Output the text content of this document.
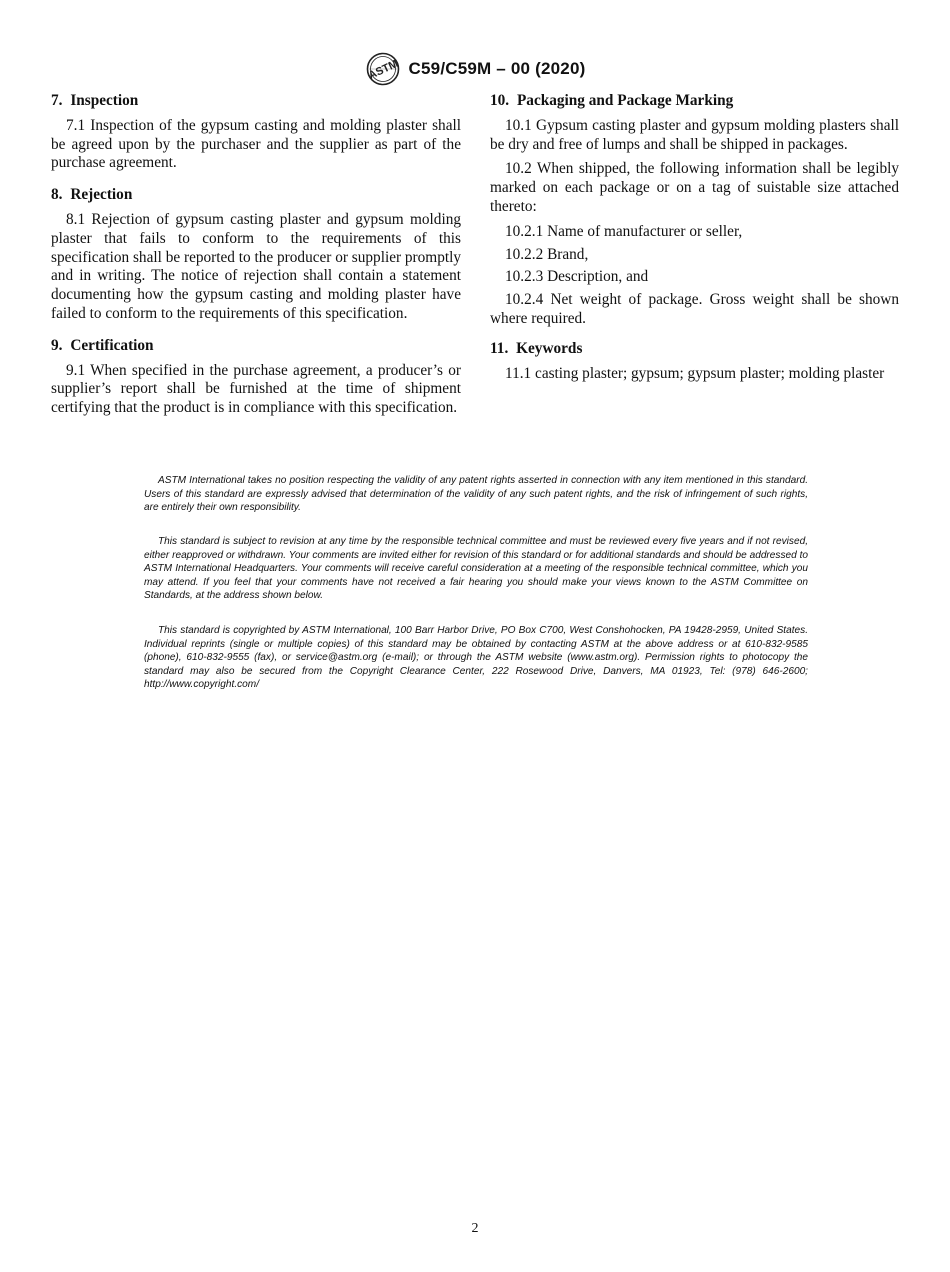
ASTM C59/C59M – 00 (2020)
7. Inspection

7.1 Inspection of the gypsum casting and molding plaster shall be agreed upon by the purchaser and the supplier as part of the purchase agreement.

8. Rejection

8.1 Rejection of gypsum casting plaster and gypsum molding plaster that fails to conform to the requirements of this specification shall be reported to the producer or supplier promptly and in writing. The notice of rejection shall contain a statement documenting how the gypsum casting and molding plaster have failed to conform to the requirements of this specification.

9. Certification

9.1 When specified in the purchase agreement, a producer’s or supplier’s report shall be furnished at the time of shipment certifying that the product is in compliance with this specification.

10. Packaging and Package Marking

10.1 Gypsum casting plaster and gypsum molding plasters shall be dry and free of lumps and shall be shipped in packages.

10.2 When shipped, the following information shall be legibly marked on each package or on a tag of suistable size attached thereto:

10.2.1 Name of manufacturer or seller,

10.2.2 Brand,

10.2.3 Description, and

10.2.4 Net weight of package. Gross weight shall be shown where required.

11. Keywords

11.1 casting plaster; gypsum; gypsum plaster; molding plaster

ASTM International takes no position respecting the validity of any patent rights asserted in connection with any item mentioned in this standard. Users of this standard are expressly advised that determination of the validity of any such patent rights, and the risk of infringement of such rights, are entirely their own responsibility.

This standard is subject to revision at any time by the responsible technical committee and must be reviewed every five years and if not revised, either reapproved or withdrawn. Your comments are invited either for revision of this standard or for additional standards and should be addressed to ASTM International Headquarters. Your comments will receive careful consideration at a meeting of the responsible technical committee, which you may attend. If you feel that your comments have not received a fair hearing you should make your views known to the ASTM Committee on Standards, at the address shown below.

This standard is copyrighted by ASTM International, 100 Barr Harbor Drive, PO Box C700, West Conshohocken, PA 19428-2959, United States. Individual reprints (single or multiple copies) of this standard may be obtained by contacting ASTM at the above address or at 610-832-9585 (phone), 610-832-9555 (fax), or service@astm.org (e-mail); or through the ASTM website (www.astm.org). Permission rights to photocopy the standard may also be secured from the Copyright Clearance Center, 222 Rosewood Drive, Danvers, MA 01923, Tel: (978) 646-2600; http://www.copyright.com/

2
